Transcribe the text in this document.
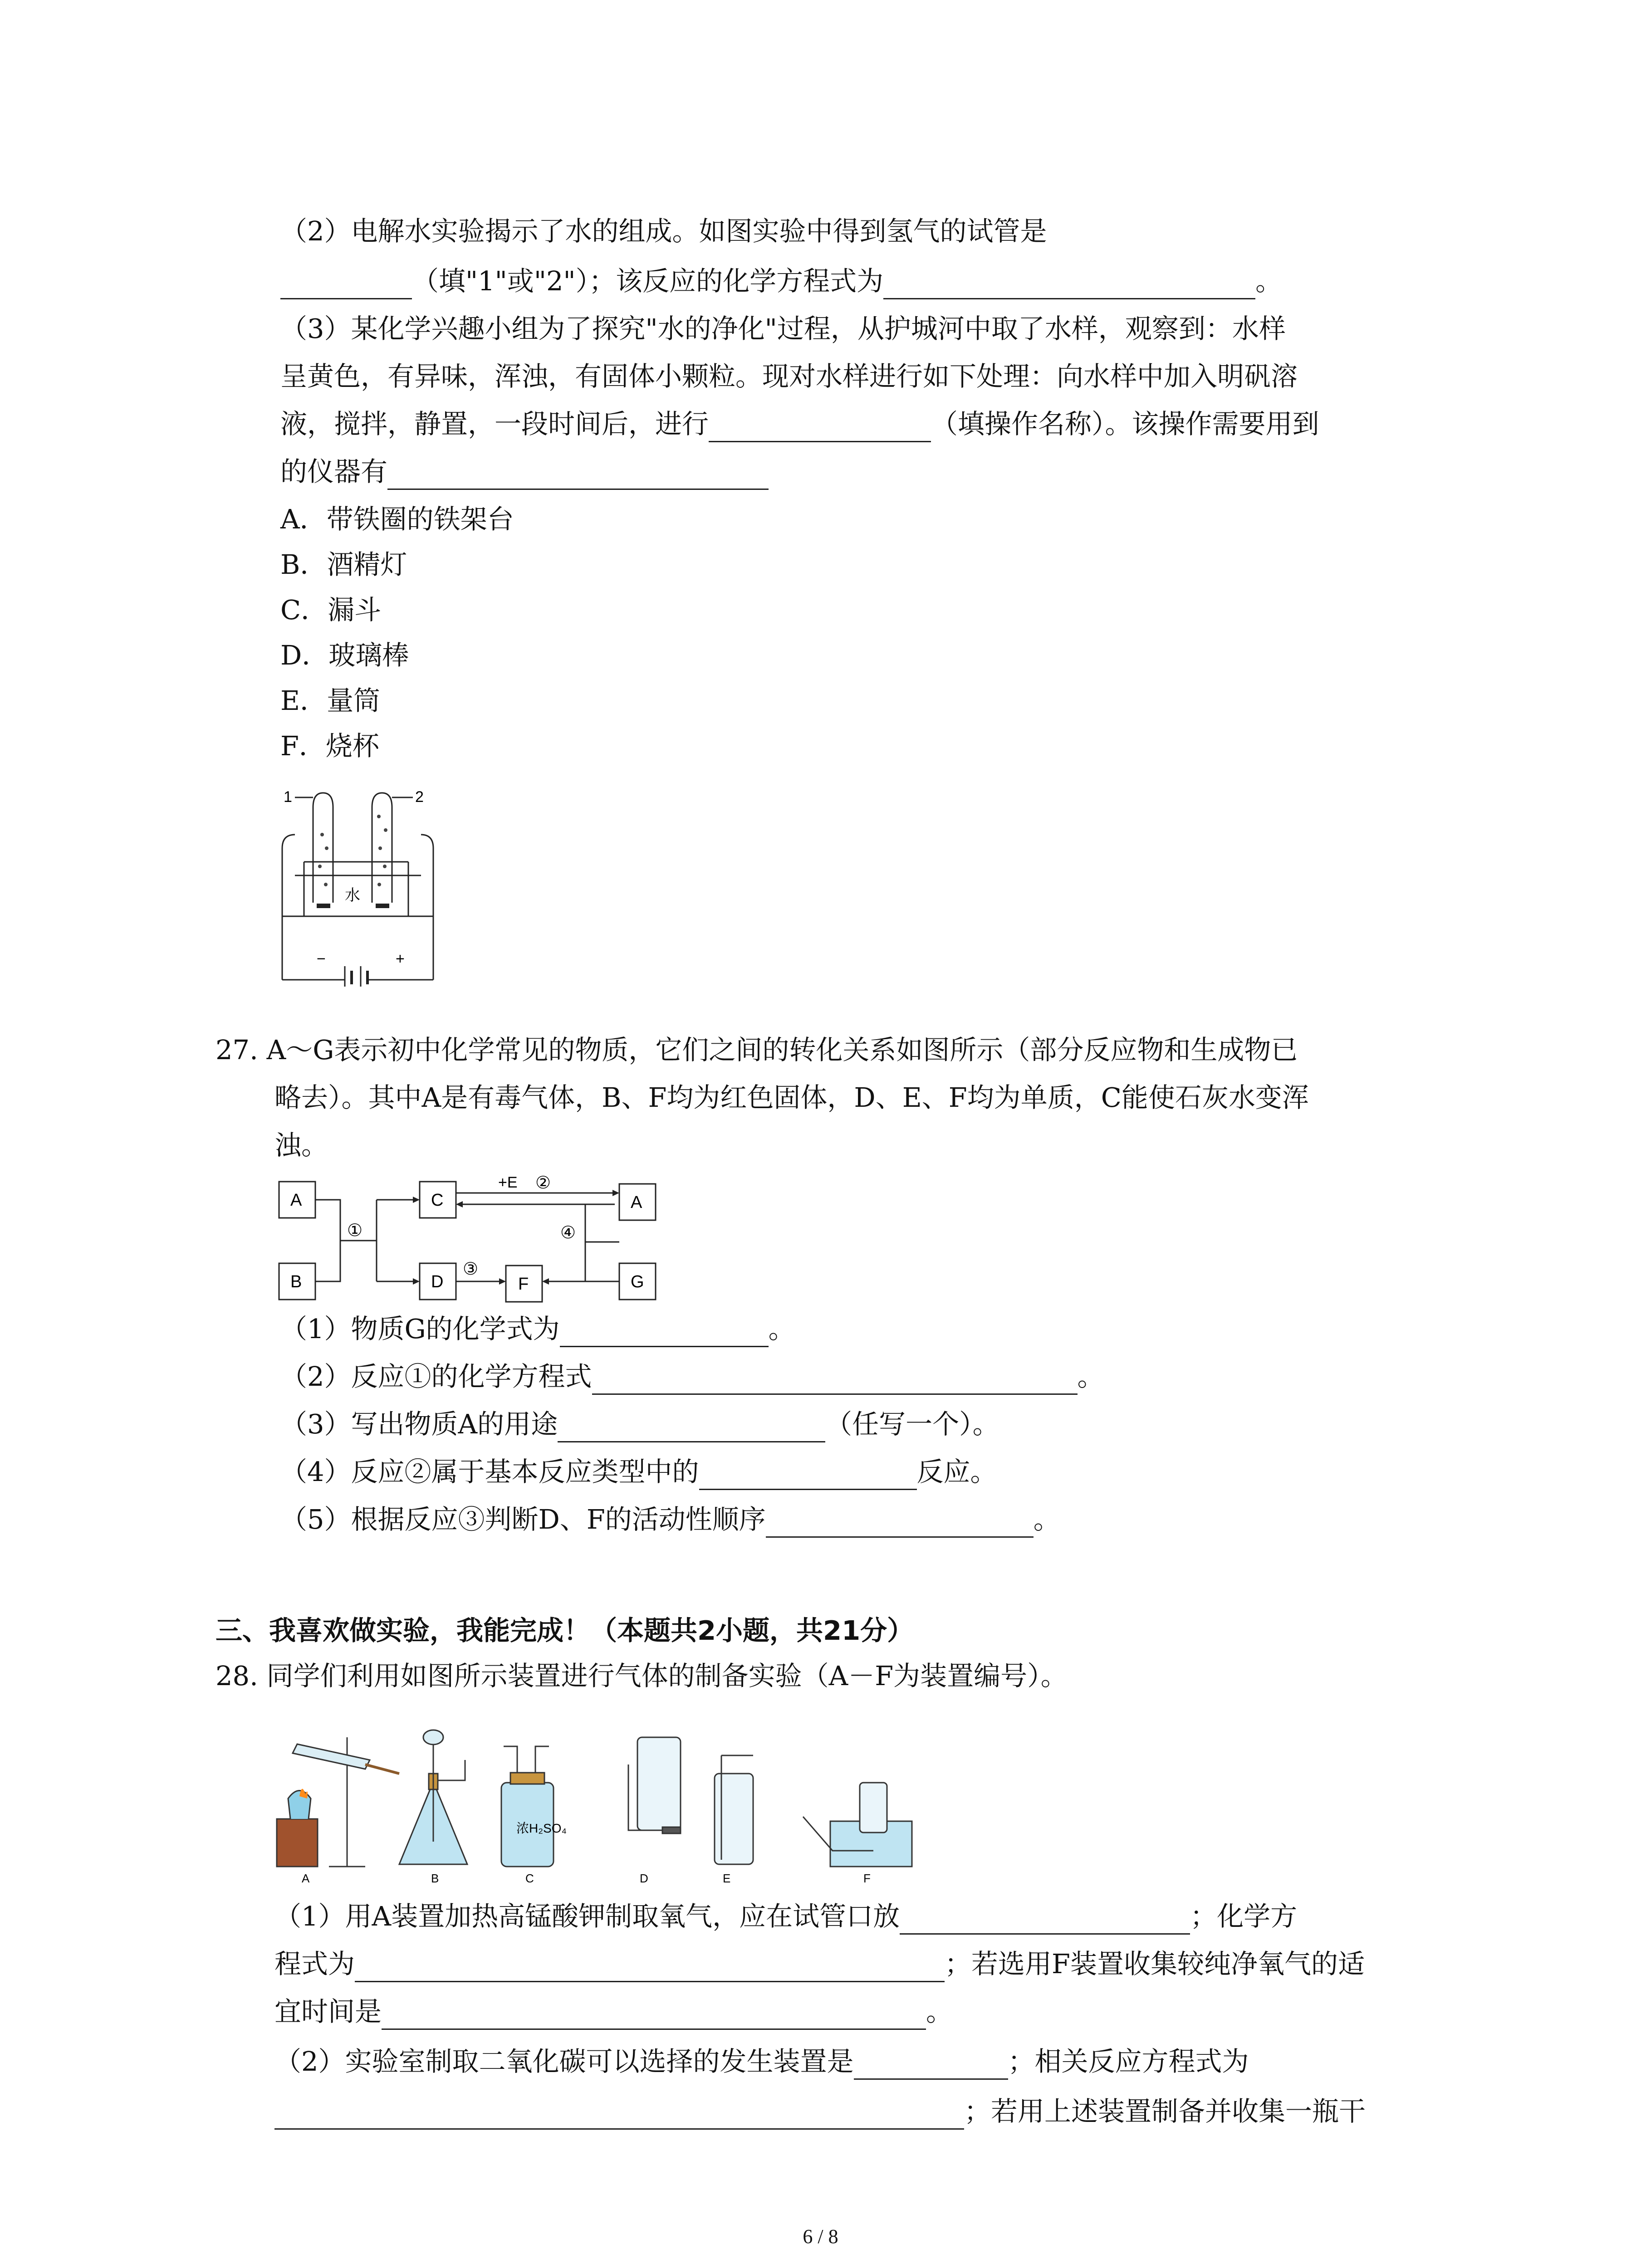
（2）电解水实验揭示了水的组成。如图实验中得到氢气的试管是
（填"1"或"2"）；该反应的化学方程式为	。
（3）某化学兴趣小组为了探究"水的净化"过程，从护城河中取了水样，观察到：水样
呈黄色，有异味，浑浊，有固体小颗粒。现对水样进行如下处理：向水样中加入明矾溶
液，搅拌，静置，一段时间后，进行	（填操作名称）。该操作需要用到
的仪器有
A．带铁圈的铁架台
B．酒精灯
C．漏斗
D．玻璃棒
E．量筒
F．烧杯
1	2
水
−	+
27. A～G表示初中化学常见的物质，它们之间的转化关系如图所示（部分反应物和生成物已
略去）。其中A是有毒气体，B、F均为红色固体，D、E、F均为单质，C能使石灰水变浑
浊。
A
B
C
D	F
A
G
+E ②
①
③
④
（1）物质G的化学式为	。
（2）反应①的化学方程式	。
（3）写出物质A的用途	（任写一个）。
（4）反应②属于基本反应类型中的	反应。
（5）根据反应③判断D、F的活动性顺序	。
三、我喜欢做实验，我能完成！（本题共2小题，共21分）
28. 同学们利用如图所示装置进行气体的制备实验（A－F为装置编号）。
浓H₂SO₄
A	B	C	D	E	F
（1）用A装置加热高锰酸钾制取氧气，应在试管口放	；化学方
程式为	；若选用F装置收集较纯净氧气的适
宜时间是	。
（2）实验室制取二氧化碳可以选择的发生装置是	；相关反应方程式为
；若用上述装置制备并收集一瓶干
6 / 8
